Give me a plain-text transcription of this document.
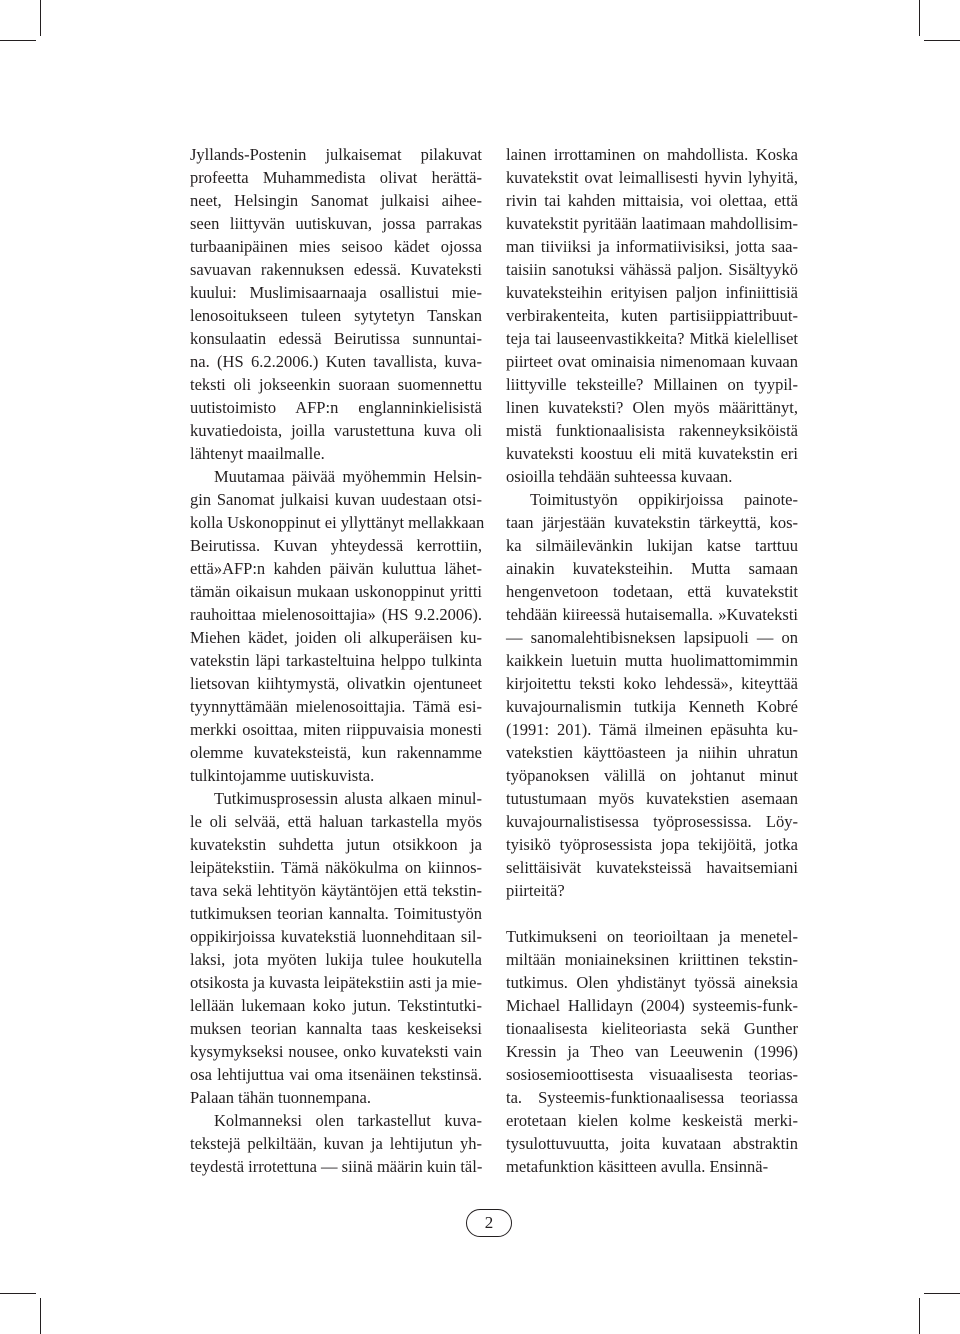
Jyllands-Postenin julkaisemat pilakuvat
profeetta Muhammedista olivat herättä-
neet, Helsingin Sanomat julkaisi aihee-
seen liittyvän uutiskuvan, jossa parrakas
turbaanipäinen mies seisoo kädet ojossa
savuavan rakennuksen edessä. Kuvateksti
kuului: Muslimisaarnaaja osallistui mie-
lenosoitukseen tuleen sytytetyn Tanskan
konsulaatin edessä Beirutissa sunnuntai-
na. (HS 6.2.2006.) Kuten tavallista, kuva-
teksti oli jokseenkin suoraan suomennettu
uutistoimisto AFP:n englanninkielisistä
kuvatiedoista, joilla varustettuna kuva oli
lähtenyt maailmalle.
Muutamaa päivää myöhemmin Helsin-
gin Sanomat julkaisi kuvan uudestaan otsi-
kolla Uskonoppinut ei yllyttänyt mellakkaan
Beirutissa. Kuvan yhteydessä kerrottiin,
että»AFP:n kahden päivän kuluttua lähet-
tämän oikaisun mukaan uskonoppinut yritti
rauhoittaa mielenosoittajia» (HS 9.2.2006).
Miehen kädet, joiden oli alkuperäisen ku-
vatekstin läpi tarkasteltuina helppo tulkinta
lietsovan kiihtymystä, olivatkin ojentuneet
tyynnyttämään mielenosoittajia. Tämä esi-
merkki osoittaa, miten riippuvaisia monesti
olemme kuvateksteistä, kun rakennamme
tulkintojamme uutiskuvista.
Tutkimusprosessin alusta alkaen minul-
le oli selvää, että haluan tarkastella myös
kuvatekstin suhdetta jutun otsikkoon ja
leipätekstiin. Tämä näkökulma on kiinnos-
tava sekä lehtityön käytäntöjen että tekstin-
tutkimuksen teorian kannalta. Toimitustyön
oppikirjoissa kuvatekstiä luonnehditaan sil-
laksi, jota myöten lukija tulee houkutella
otsikosta ja kuvasta leipätekstiin asti ja mie-
lellään lukemaan koko jutun. Tekstintutki-
muksen teorian kannalta taas keskeiseksi
kysymykseksi nousee, onko kuvateksti vain
osa lehtijuttua vai oma itsenäinen tekstinsä.
Palaan tähän tuonnempana.
Kolmanneksi olen tarkastellut kuva-
tekstejä pelkiltään, kuvan ja lehtijutun yh-
teydestä irrotettuna — siinä määrin kuin täl-
lainen irrottaminen on mahdollista. Koska
kuvatekstit ovat leimallisesti hyvin lyhyitä,
rivin tai kahden mittaisia, voi olettaa, että
kuvatekstit pyritään laatimaan mahdollisim-
man tiiviiksi ja informatiivisiksi, jotta saa-
taisiin sanotuksi vähässä paljon. Sisältyykö
kuvateksteihin erityisen paljon infiniittisiä
verbirakenteita, kuten partisiippiattribuut-
teja tai lauseenvastikkeita? Mitkä kielelliset
piirteet ovat ominaisia nimenomaan kuvaan
liittyville teksteille? Millainen on tyypil-
linen kuvateksti? Olen myös määrittänyt,
mistä funktionaalisista rakenneyksiköistä
kuvateksti koostuu eli mitä kuvatekstin eri
osioilla tehdään suhteessa kuvaan.
Toimitustyön oppikirjoissa painote-
taan järjestään kuvatekstin tärkeyttä, kos-
ka silmäilevänkin lukijan katse tarttuu
ainakin kuvateksteihin. Mutta samaan
hengenvetoon todetaan, että kuvatekstit
tehdään kiireessä hutaisemalla. »Kuvateksti
— sanomalehtibisneksen lapsipuoli — on
kaikkein luetuin mutta huolimattomimmin
kirjoitettu teksti koko lehdessä», kiteyttää
kuvajournalismin tutkija Kenneth Kobré
(1991: 201). Tämä ilmeinen epäsuhta ku-
vatekstien käyttöasteen ja niihin uhratun
työpanoksen välillä on johtanut minut
tutustumaan myös kuvatekstien asemaan
kuvajournalistisessa työprosessissa. Löy-
tyisikö työprosessista jopa tekijöitä, jotka
selittäisivät kuvateksteissä havaitsemiani
piirteitä?
Tutkimukseni on teorioiltaan ja menetel-
miltään moniaineksinen kriittinen tekstin-
tutkimus. Olen yhdistänyt työssä aineksia
Michael Hallidayn (2004) systeemis-funk-
tionaalisesta kieliteoriasta sekä Gunther
Kressin ja Theo van Leeuwenin (1996)
sosiosemioottisesta visuaalisesta teorias-
ta. Systeemis-funktionaalisessa teoriassa
erotetaan kielen kolme keskeistä merki-
tysulottuvuutta, joita kuvataan abstraktin
metafunktion käsitteen avulla. Ensinnä-
2
